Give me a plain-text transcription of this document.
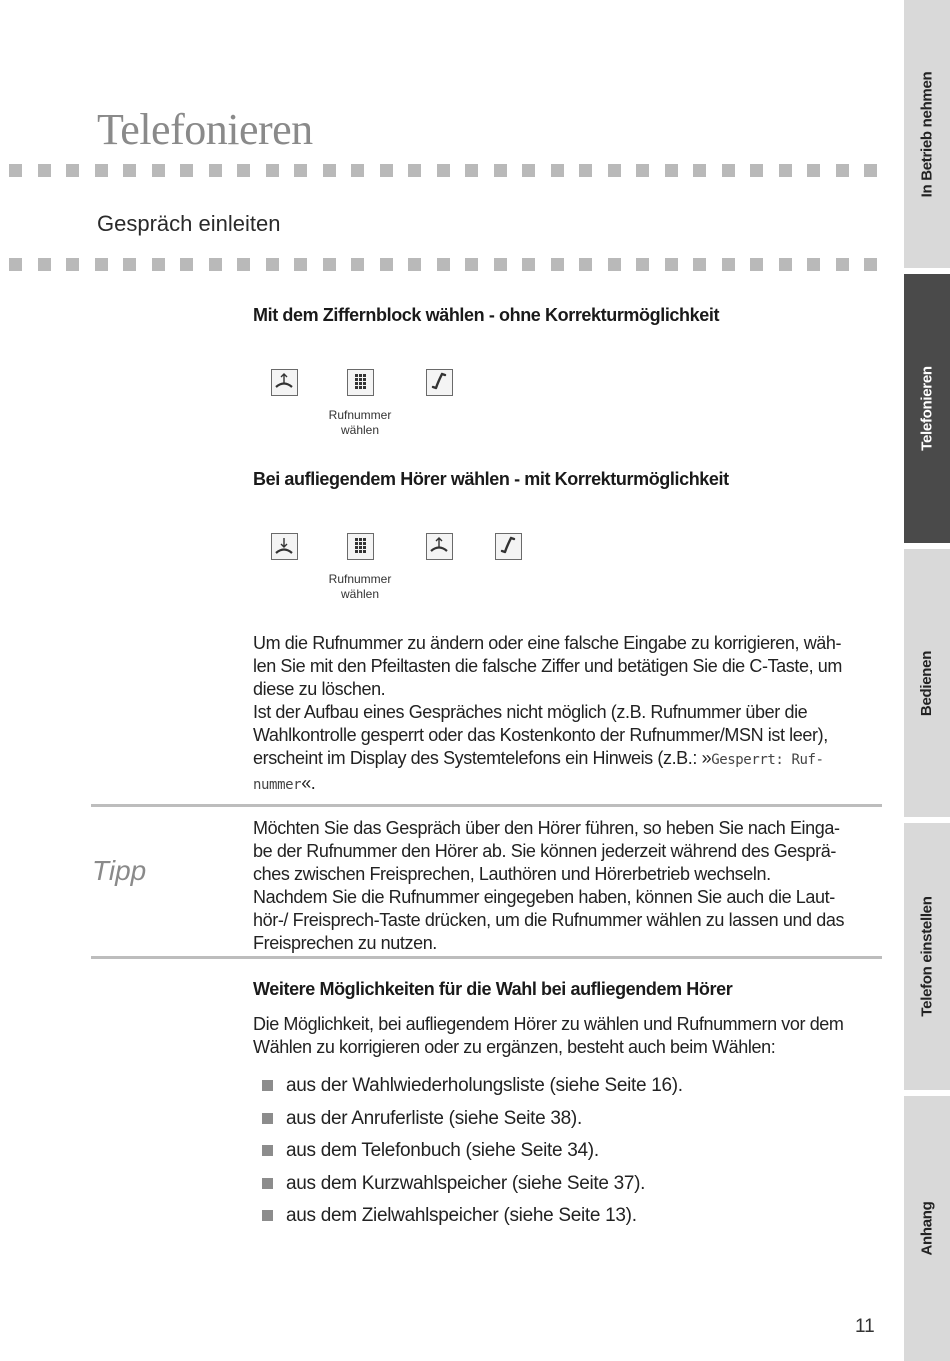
Telefonieren
Gespräch einleiten
Mit dem Ziffernblock wählen - ohne Korrekturmöglichkeit
Rufnummer
wählen
Bei aufliegendem Hörer wählen - mit Korrekturmöglichkeit
Rufnummer
wählen
Um die Rufnummer zu ändern oder eine falsche Eingabe zu korrigieren, wäh-
len Sie mit den Pfeiltasten die falsche Ziffer und betätigen Sie die C-Taste, um
diese zu löschen.
Ist der Aufbau eines Gespräches nicht möglich (z.B. Rufnummer über die
Wahlkontrolle gesperrt oder das Kostenkonto der Rufnummer/MSN ist leer),
erscheint im Display des Systemtelefons ein Hinweis (z.B.: »Gesperrt: Ruf-
nummer«.
Tipp
Möchten Sie das Gespräch über den Hörer führen, so heben Sie nach Einga-
be der Rufnummer den Hörer ab. Sie können jederzeit während des Gesprä-
ches zwischen Freisprechen, Lauthören und Hörerbetrieb wechseln.
Nachdem Sie die Rufnummer eingegeben haben, können Sie auch die Laut-
hör-/ Freisprech-Taste drücken, um die Rufnummer wählen zu lassen und das
Freisprechen zu nutzen.
Weitere Möglichkeiten für die Wahl bei aufliegendem Hörer
Die Möglichkeit, bei aufliegendem Hörer zu wählen und Rufnummern vor dem
Wählen zu korrigieren oder zu ergänzen, besteht auch beim Wählen:
aus der Wahlwiederholungsliste (siehe Seite 16).
aus der Anruferliste (siehe Seite 38).
aus dem Telefonbuch (siehe Seite 34).
aus dem Kurzwahlspeicher (siehe Seite 37).
aus dem Zielwahlspeicher (siehe Seite 13).
11
In Betrieb nehmen
Telefonieren
Bedienen
Telefon einstellen
Anhang
